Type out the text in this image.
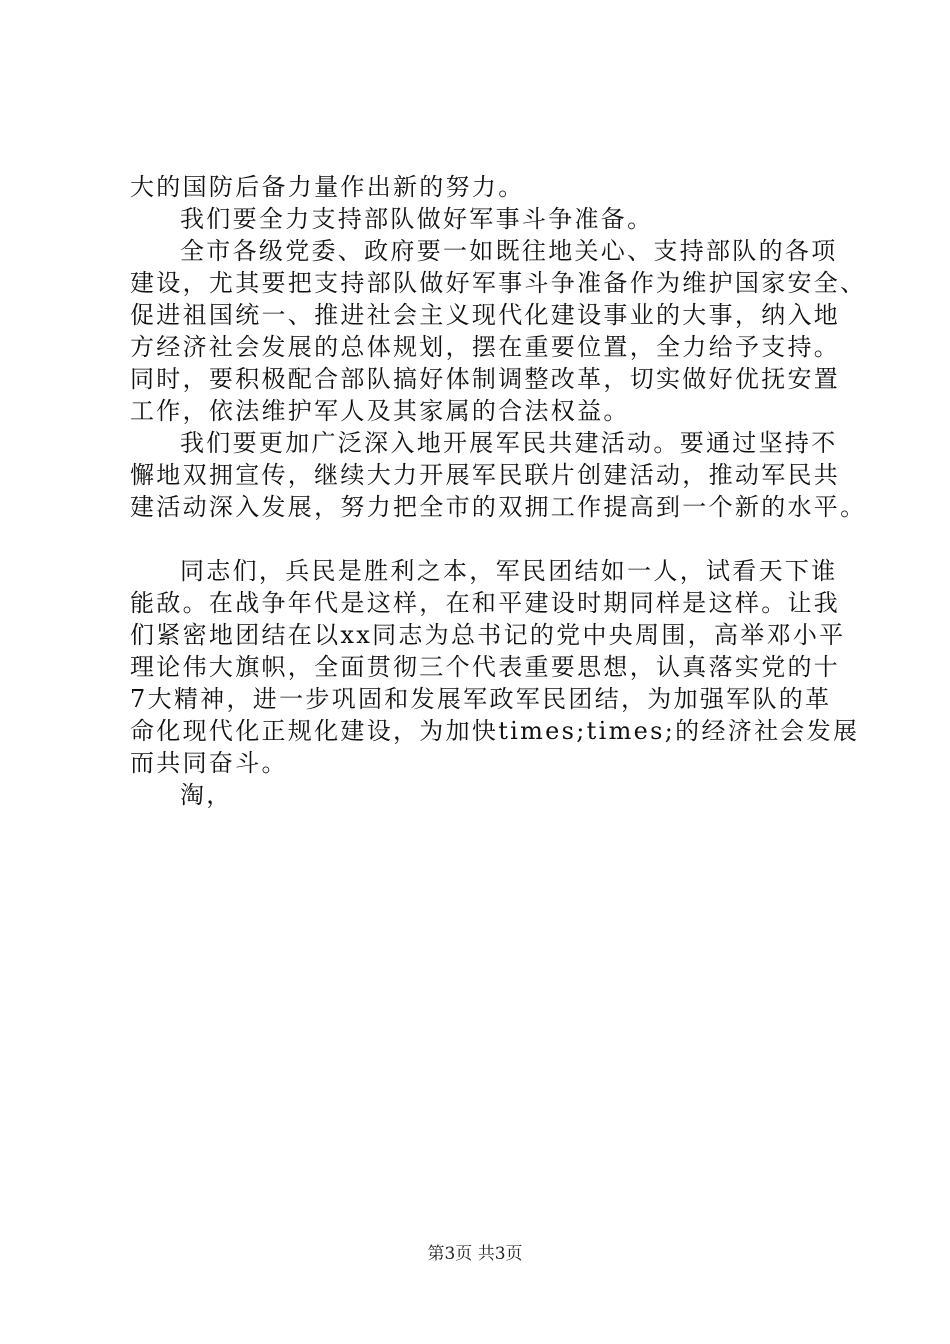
大的国防后备力量作出新的努力。
我们要全力支持部队做好军事斗争准备。
全市各级党委、政府要一如既往地关心、支持部队的各项
建设，尤其要把支持部队做好军事斗争准备作为维护国家安全、
促进祖国统一、推进社会主义现代化建设事业的大事，纳入地
方经济社会发展的总体规划，摆在重要位置，全力给予支持。
同时，要积极配合部队搞好体制调整改革，切实做好优抚安置
工作，依法维护军人及其家属的合法权益。
我们要更加广泛深入地开展军民共建活动。要通过坚持不
懈地双拥宣传，继续大力开展军民联片创建活动，推动军民共
建活动深入发展，努力把全市的双拥工作提高到一个新的水平。
同志们，兵民是胜利之本，军民团结如一人，试看天下谁
能敌。在战争年代是这样，在和平建设时期同样是这样。让我
们紧密地团结在以xx同志为总书记的党中央周围，高举邓小平
理论伟大旗帜，全面贯彻三个代表重要思想，认真落实党的十
7大精神，进一步巩固和发展军政军民团结，为加强军队的革
命化现代化正规化建设，为加快times;times;的经济社会发展
而共同奋斗。
淘，
第3页 共3页
